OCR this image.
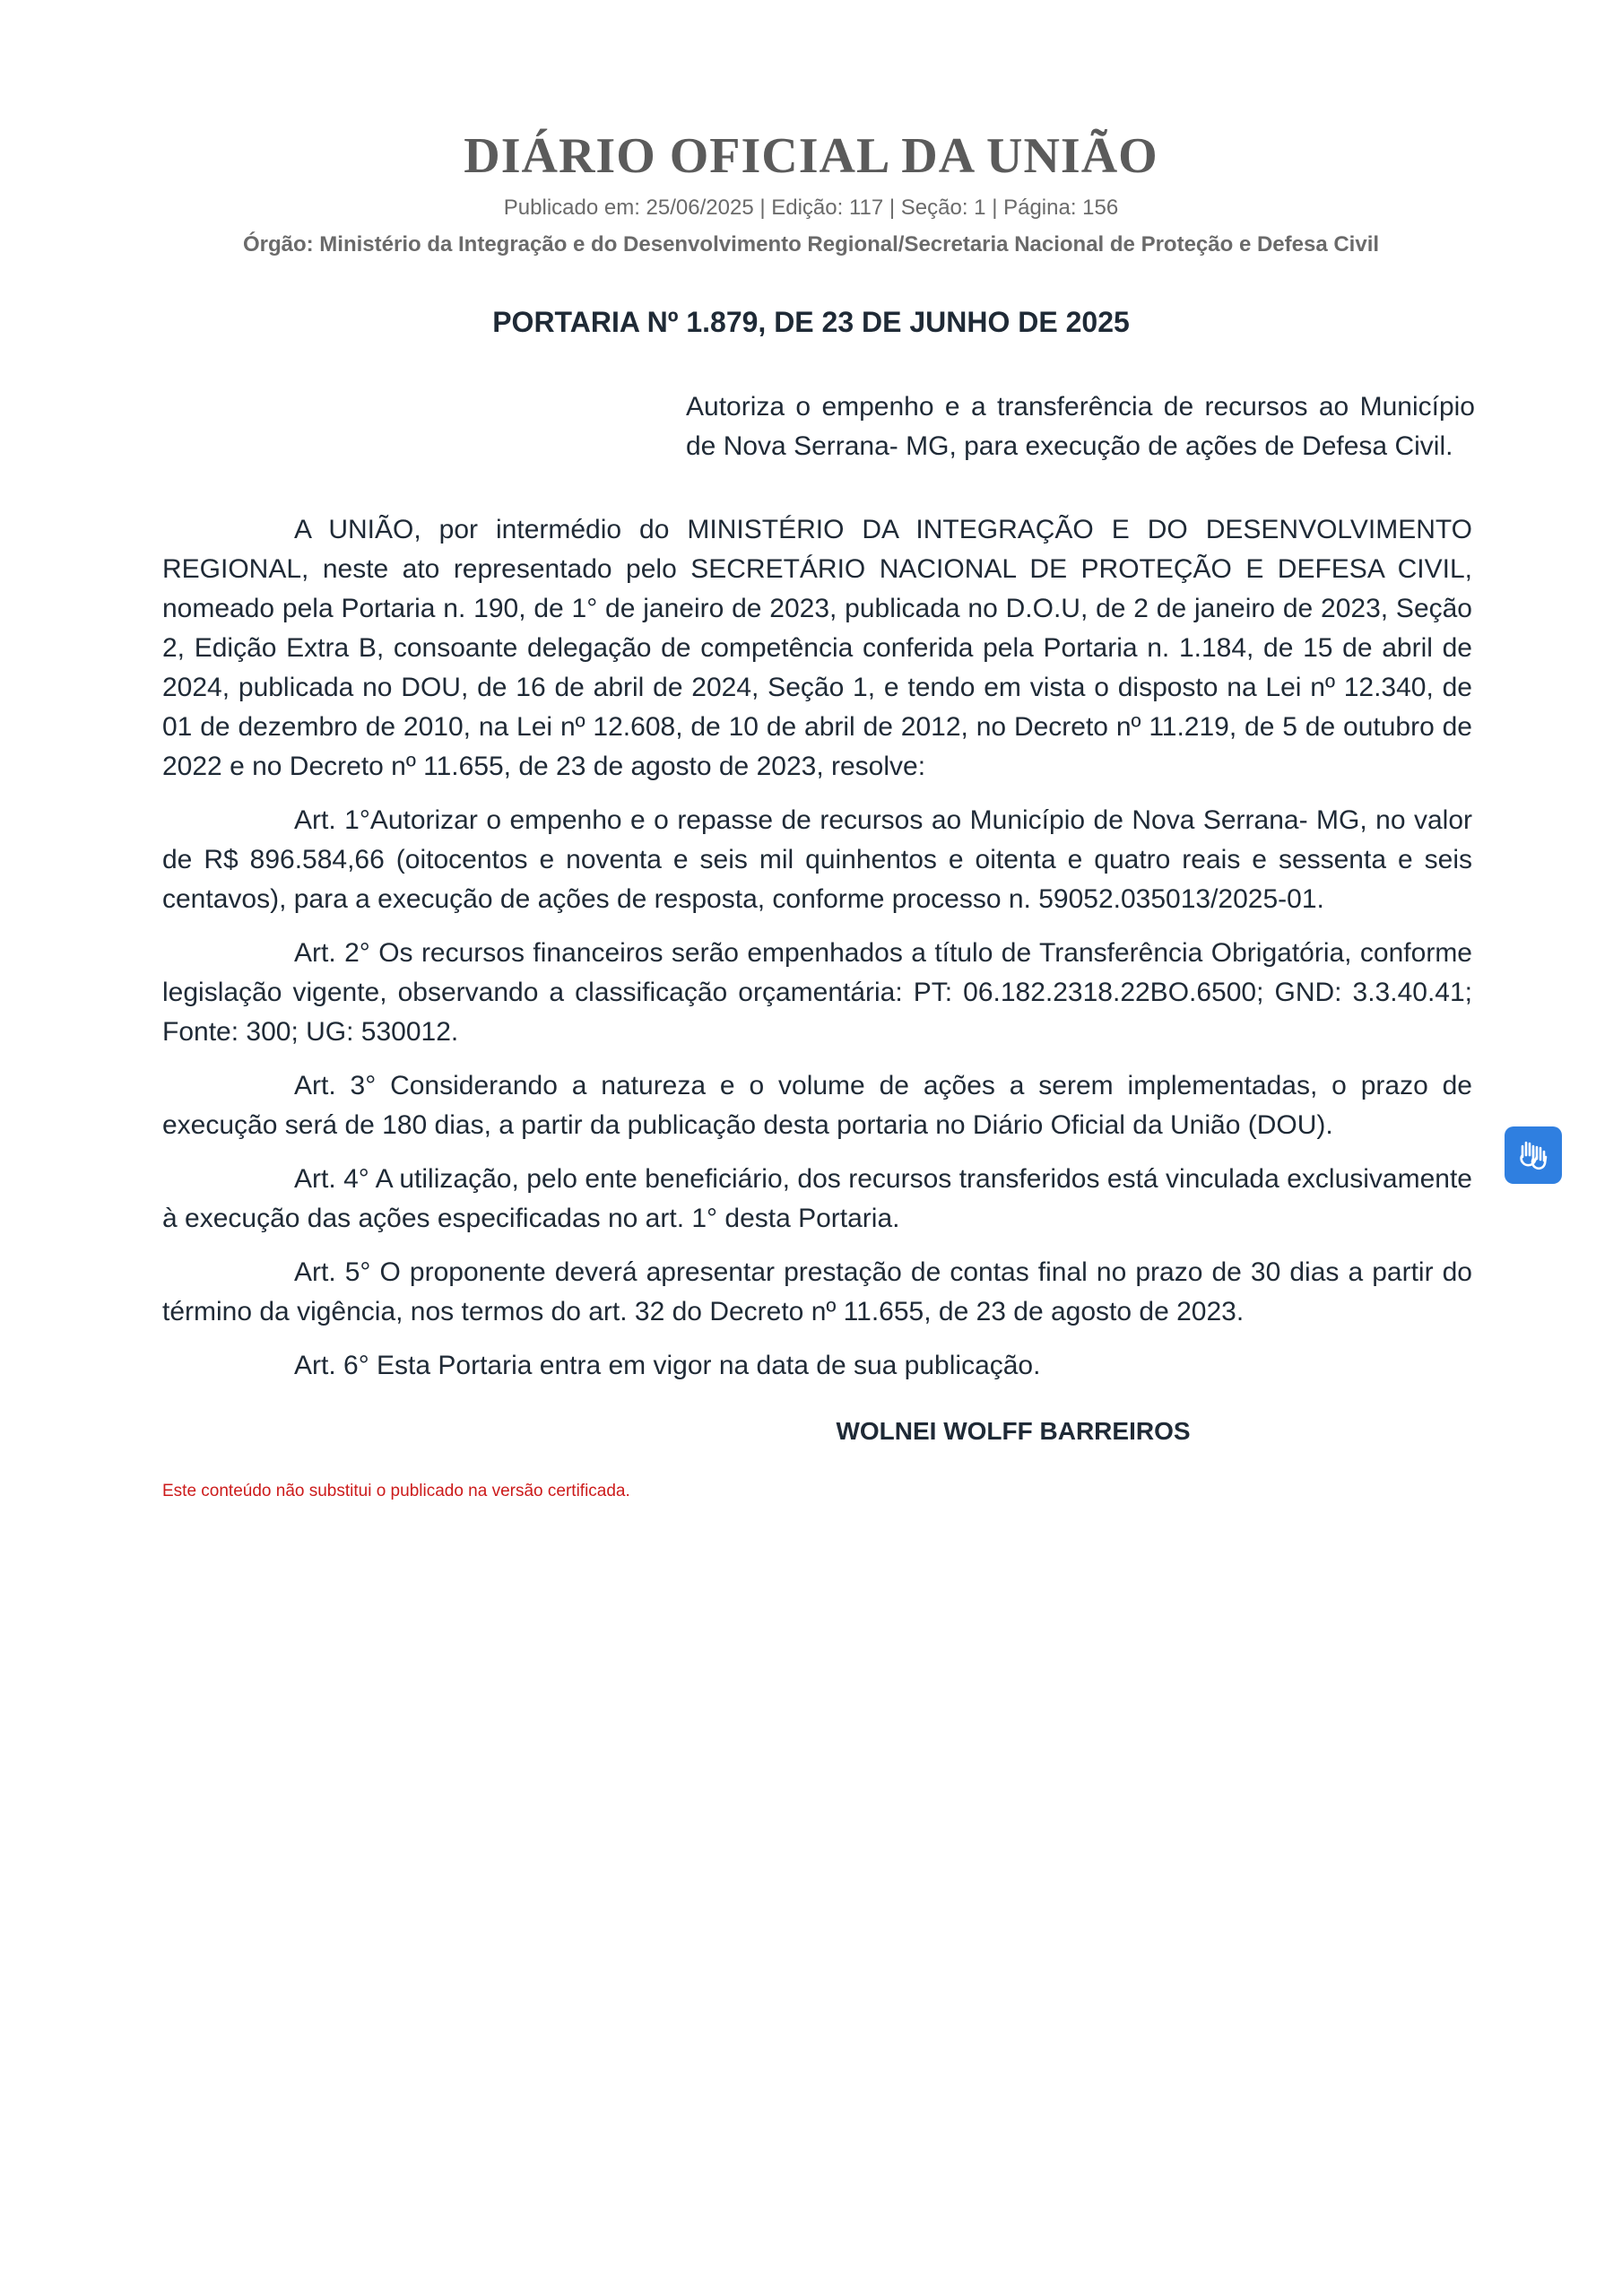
DIÁRIO OFICIAL DA UNIÃO
Publicado em: 25/06/2025 | Edição: 117 | Seção: 1 | Página: 156
Órgão: Ministério da Integração e do Desenvolvimento Regional/Secretaria Nacional de Proteção e Defesa Civil
PORTARIA Nº 1.879, DE 23 DE JUNHO DE 2025
Autoriza o empenho e a transferência de recursos ao Município de Nova Serrana- MG, para execução de ações de Defesa Civil.

A UNIÃO, por intermédio do MINISTÉRIO DA INTEGRAÇÃO E DO DESENVOLVIMENTO REGIONAL, neste ato representado pelo SECRETÁRIO NACIONAL DE PROTEÇÃO E DEFESA CIVIL, nomeado pela Portaria n. 190, de 1° de janeiro de 2023, publicada no D.O.U, de 2 de janeiro de 2023, Seção 2, Edição Extra B, consoante delegação de competência conferida pela Portaria n. 1.184, de 15 de abril de 2024, publicada no DOU, de 16 de abril de 2024, Seção 1, e tendo em vista o disposto na Lei nº 12.340, de 01 de dezembro de 2010, na Lei nº 12.608, de 10 de abril de 2012, no Decreto nº 11.219, de 5 de outubro de 2022 e no Decreto nº 11.655, de 23 de agosto de 2023, resolve:

Art. 1°Autorizar o empenho e o repasse de recursos ao Município de Nova Serrana- MG, no valor de R$ 896.584,66 (oitocentos e noventa e seis mil quinhentos e oitenta e quatro reais e sessenta e seis centavos), para a execução de ações de resposta, conforme processo n. 59052.035013/2025-01.

Art. 2° Os recursos financeiros serão empenhados a título de Transferência Obrigatória, conforme legislação vigente, observando a classificação orçamentária: PT: 06.182.2318.22BO.6500; GND: 3.3.40.41; Fonte: 300; UG: 530012.

Art. 3° Considerando a natureza e o volume de ações a serem implementadas, o prazo de execução será de 180 dias, a partir da publicação desta portaria no Diário Oficial da União (DOU).

Art. 4° A utilização, pelo ente beneficiário, dos recursos transferidos está vinculada exclusivamente à execução das ações especificadas no art. 1° desta Portaria.

Art. 5° O proponente deverá apresentar prestação de contas final no prazo de 30 dias a partir do término da vigência, nos termos do art. 32 do Decreto nº 11.655, de 23 de agosto de 2023.

Art. 6° Esta Portaria entra em vigor na data de sua publicação.

WOLNEI WOLFF BARREIROS
Este conteúdo não substitui o publicado na versão certificada.
